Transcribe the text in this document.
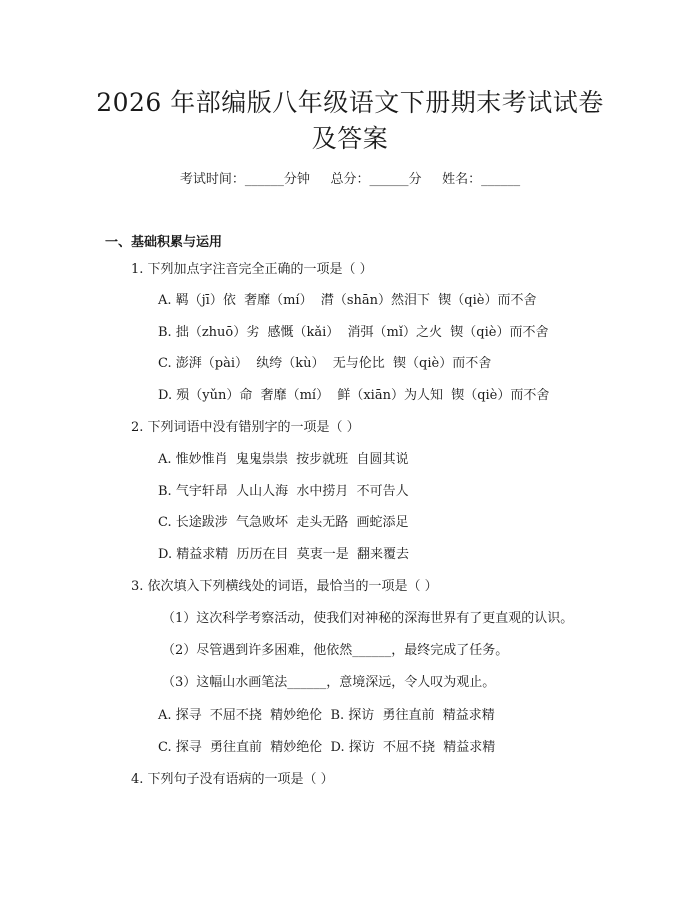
2026 年部编版八年级语文下册期末考试试卷
及答案
考试时间：______分钟     总分：______分     姓名：______
一、基础积累与运用
1. 下列加点字注音完全正确的一项是（ ）
A. 羁（jī）依  奢靡（mí）  潸（shān）然泪下  锲（qiè）而不舍
B. 拙（zhuō）劣  感慨（kǎi）  消弭（mǐ）之火  锲（qiè）而不舍
C. 澎湃（pài）  纨绔（kù）  无与伦比  锲（qiè）而不舍
D. 殒（yǔn）命  奢靡（mí）  鲜（xiān）为人知  锲（qiè）而不舍
2. 下列词语中没有错别字的一项是（ ）
A. 惟妙惟肖  鬼鬼祟祟  按步就班  自圆其说
B. 气宇轩昂  人山人海  水中捞月  不可告人
C. 长途跋涉  气急败坏  走头无路  画蛇添足
D. 精益求精  历历在目  莫衷一是  翻来覆去
3. 依次填入下列横线处的词语，最恰当的一项是（ ）
（1）这次科学考察活动，使我们对神秘的深海世界有了更直观的认识。
（2）尽管遇到许多困难，他依然______，最终完成了任务。
（3）这幅山水画笔法______，意境深远，令人叹为观止。
A. 探寻  不屈不挠  精妙绝伦  B. 探访  勇往直前  精益求精
C. 探寻  勇往直前  精妙绝伦  D. 探访  不屈不挠  精益求精
4. 下列句子没有语病的一项是（ ）
